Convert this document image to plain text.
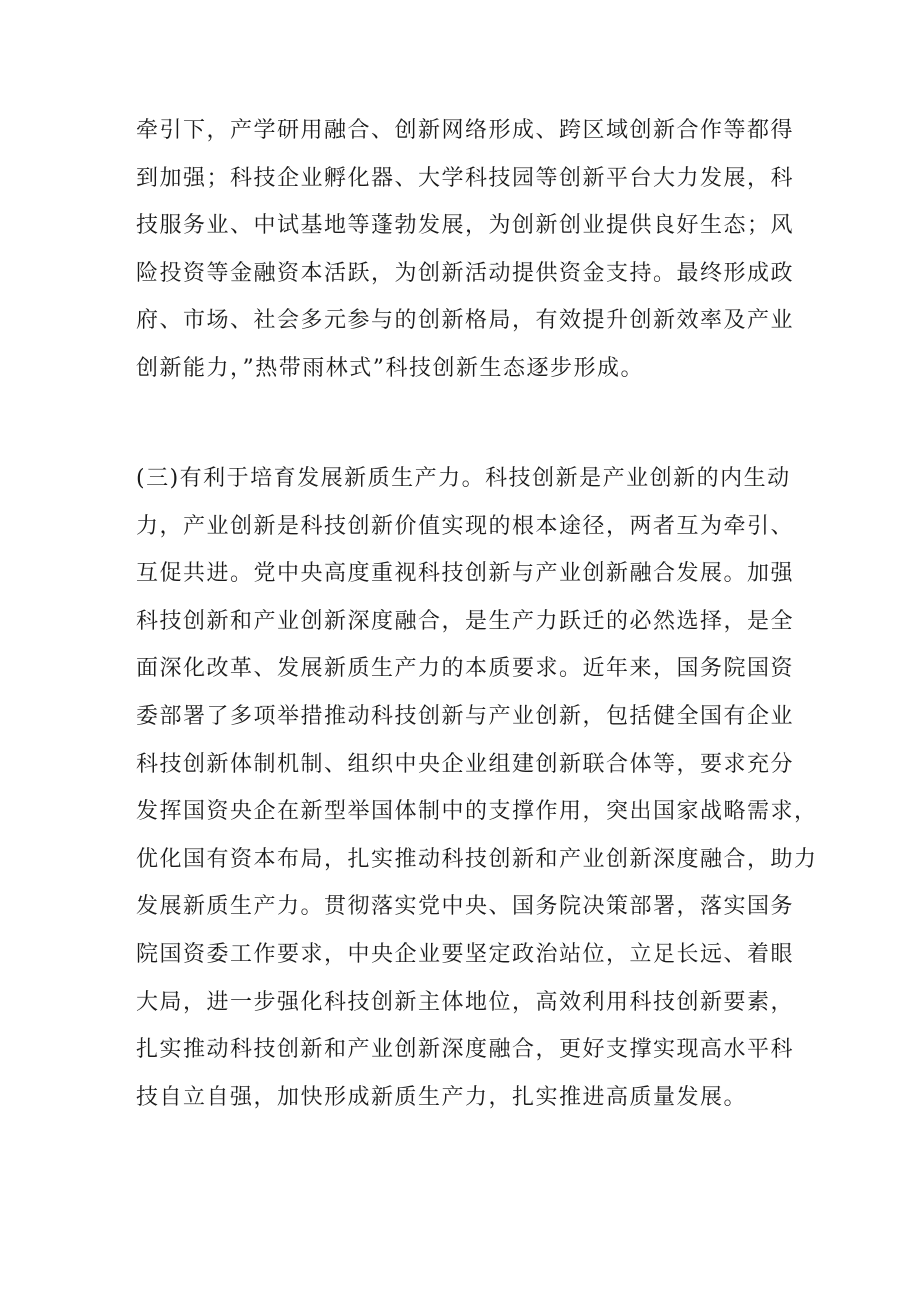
牵引下，产学研用融合、创新网络形成、跨区域创新合作等都得
到加强；科技企业孵化器、大学科技园等创新平台大力发展，科
技服务业、中试基地等蓬勃发展，为创新创业提供良好生态；风
险投资等金融资本活跃，为创新活动提供资金支持。最终形成政
府、市场、社会多元参与的创新格局，有效提升创新效率及产业
创新能力，”热带雨林式”科技创新生态逐步形成。
(三)有利于培育发展新质生产力。科技创新是产业创新的内生动
力，产业创新是科技创新价值实现的根本途径，两者互为牵引、
互促共进。党中央高度重视科技创新与产业创新融合发展。加强
科技创新和产业创新深度融合，是生产力跃迁的必然选择，是全
面深化改革、发展新质生产力的本质要求。近年来，国务院国资
委部署了多项举措推动科技创新与产业创新，包括健全国有企业
科技创新体制机制、组织中央企业组建创新联合体等，要求充分
发挥国资央企在新型举国体制中的支撑作用，突出国家战略需求，
优化国有资本布局，扎实推动科技创新和产业创新深度融合，助力
发展新质生产力。贯彻落实党中央、国务院决策部署，落实国务
院国资委工作要求，中央企业要坚定政治站位，立足长远、着眼
大局，进一步强化科技创新主体地位，高效利用科技创新要素，
扎实推动科技创新和产业创新深度融合，更好支撑实现高水平科
技自立自强，加快形成新质生产力，扎实推进高质量发展。
